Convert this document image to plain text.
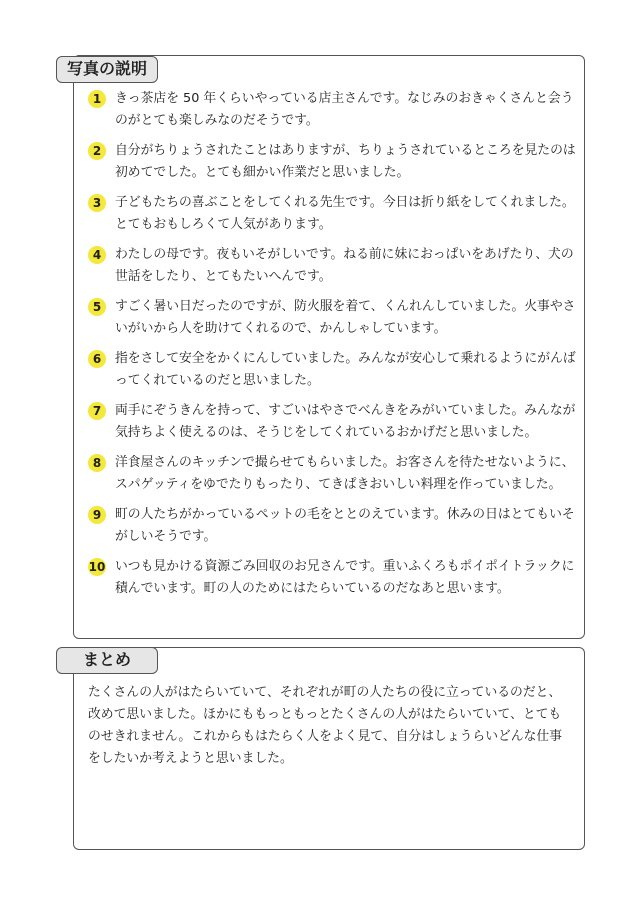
写真の説明
1	きっ茶店を 50 年くらいやっている店主さんです。なじみのおきゃくさんと会うのがとても楽しみなのだそうです。
2	自分がちりょうされたことはありますが、ちりょうされているところを見たのは初めてでした。とても細かい作業だと思いました。
3	子どもたちの喜ぶことをしてくれる先生です。今日は折り紙をしてくれました。とてもおもしろくて人気があります。
4	わたしの母です。夜もいそがしいです。ねる前に妹におっぱいをあげたり、犬の世話をしたり、とてもたいへんです。
5	すごく暑い日だったのですが、防火服を着て、くんれんしていました。火事やさいがいから人を助けてくれるので、かんしゃしています。
6	指をさして安全をかくにんしていました。みんなが安心して乗れるようにがんばってくれているのだと思いました。
7	両手にぞうきんを持って、すごいはやさでべんきをみがいていました。みんなが気持ちよく使えるのは、そうじをしてくれているおかげだと思いました。
8	洋食屋さんのキッチンで撮らせてもらいました。お客さんを待たせないように、スパゲッティをゆでたりもったり、てきぱきおいしい料理を作っていました。
9	町の人たちがかっているペットの毛をととのえています。休みの日はとてもいそがしいそうです。
10 いつも見かける資源ごみ回収のお兄さんです。重いふくろもポイポイトラックに積んでいます。町の人のためにはたらいているのだなあと思います。
まとめ

たくさんの人がはたらいていて、それぞれが町の人たちの役に立っているのだと、改めて思いました。ほかにももっともっとたくさんの人がはたらいていて、とてものせきれません。これからもはたらく人をよく見て、自分はしょうらいどんな仕事をしたいか考えようと思いました。
